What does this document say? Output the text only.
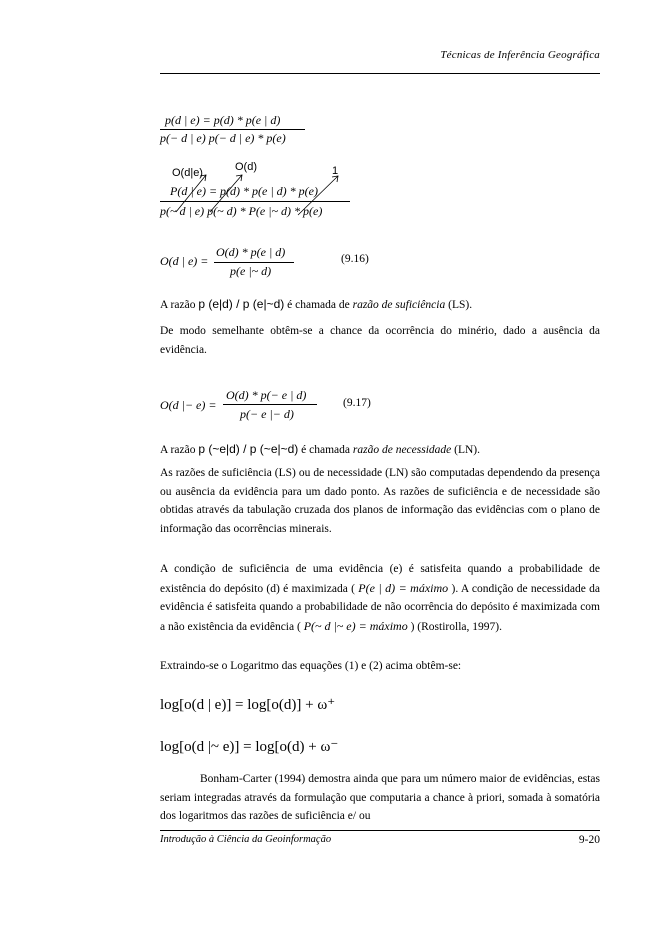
Técnicas de Inferência Geográfica
p(d | e) = p(d) * p(e | d)
p(− d | e) p(− d | e) * p(e)
O(d|e)	O(d)	1
P(d | e) = p(d) * p(e | d) * p(e)
p(~ d | e) p(~ d) * P(e |~ d) * p(e)
O(d | e) =
O(d) * p(e | d)
p(e |~ d)
(9.16)
A razão p (e|d) / p (e|~d) é chamada de razão de suficiência (LS).
De modo semelhante obtêm-se a chance da ocorrência do minério, dado a ausência da evidência.
O(d |− e) =
O(d) * p(− e | d)
p(− e |− d)
(9.17)
A razão p (~e|d) / p (~e|~d) é chamada razão de necessidade (LN).
As razões de suficiência (LS) ou de necessidade (LN) são computadas dependendo da presença ou ausência da evidência para um dado ponto. As razões de suficiência e de necessidade são obtidas através da tabulação cruzada dos planos de informação das evidências com o plano de informação das ocorrências minerais.
A condição de suficiência de uma evidência (e) é satisfeita quando a probabilidade de existência do depósito (d) é maximizada ( P(e | d) = máximo ). A condição de necessidade da evidência é satisfeita quando a probabilidade de não ocorrência do depósito é maximizada com a não existência da evidência ( P(~ d |~ e) = máximo ) (Rostirolla, 1997).
Extraindo-se o Logaritmo das equações (1) e (2) acima obtêm-se:
log[o(d | e)] = log[o(d)] + ω⁺
log[o(d |~ e)] = log[o(d) + ω⁻
Bonham-Carter (1994) demostra ainda que para um número maior de evidências, estas seriam integradas através da formulação que computaria a chance à priori, somada à somatória dos logaritmos das razões de suficiência e/ ou
Introdução à Ciência da Geoinformação	9-20
